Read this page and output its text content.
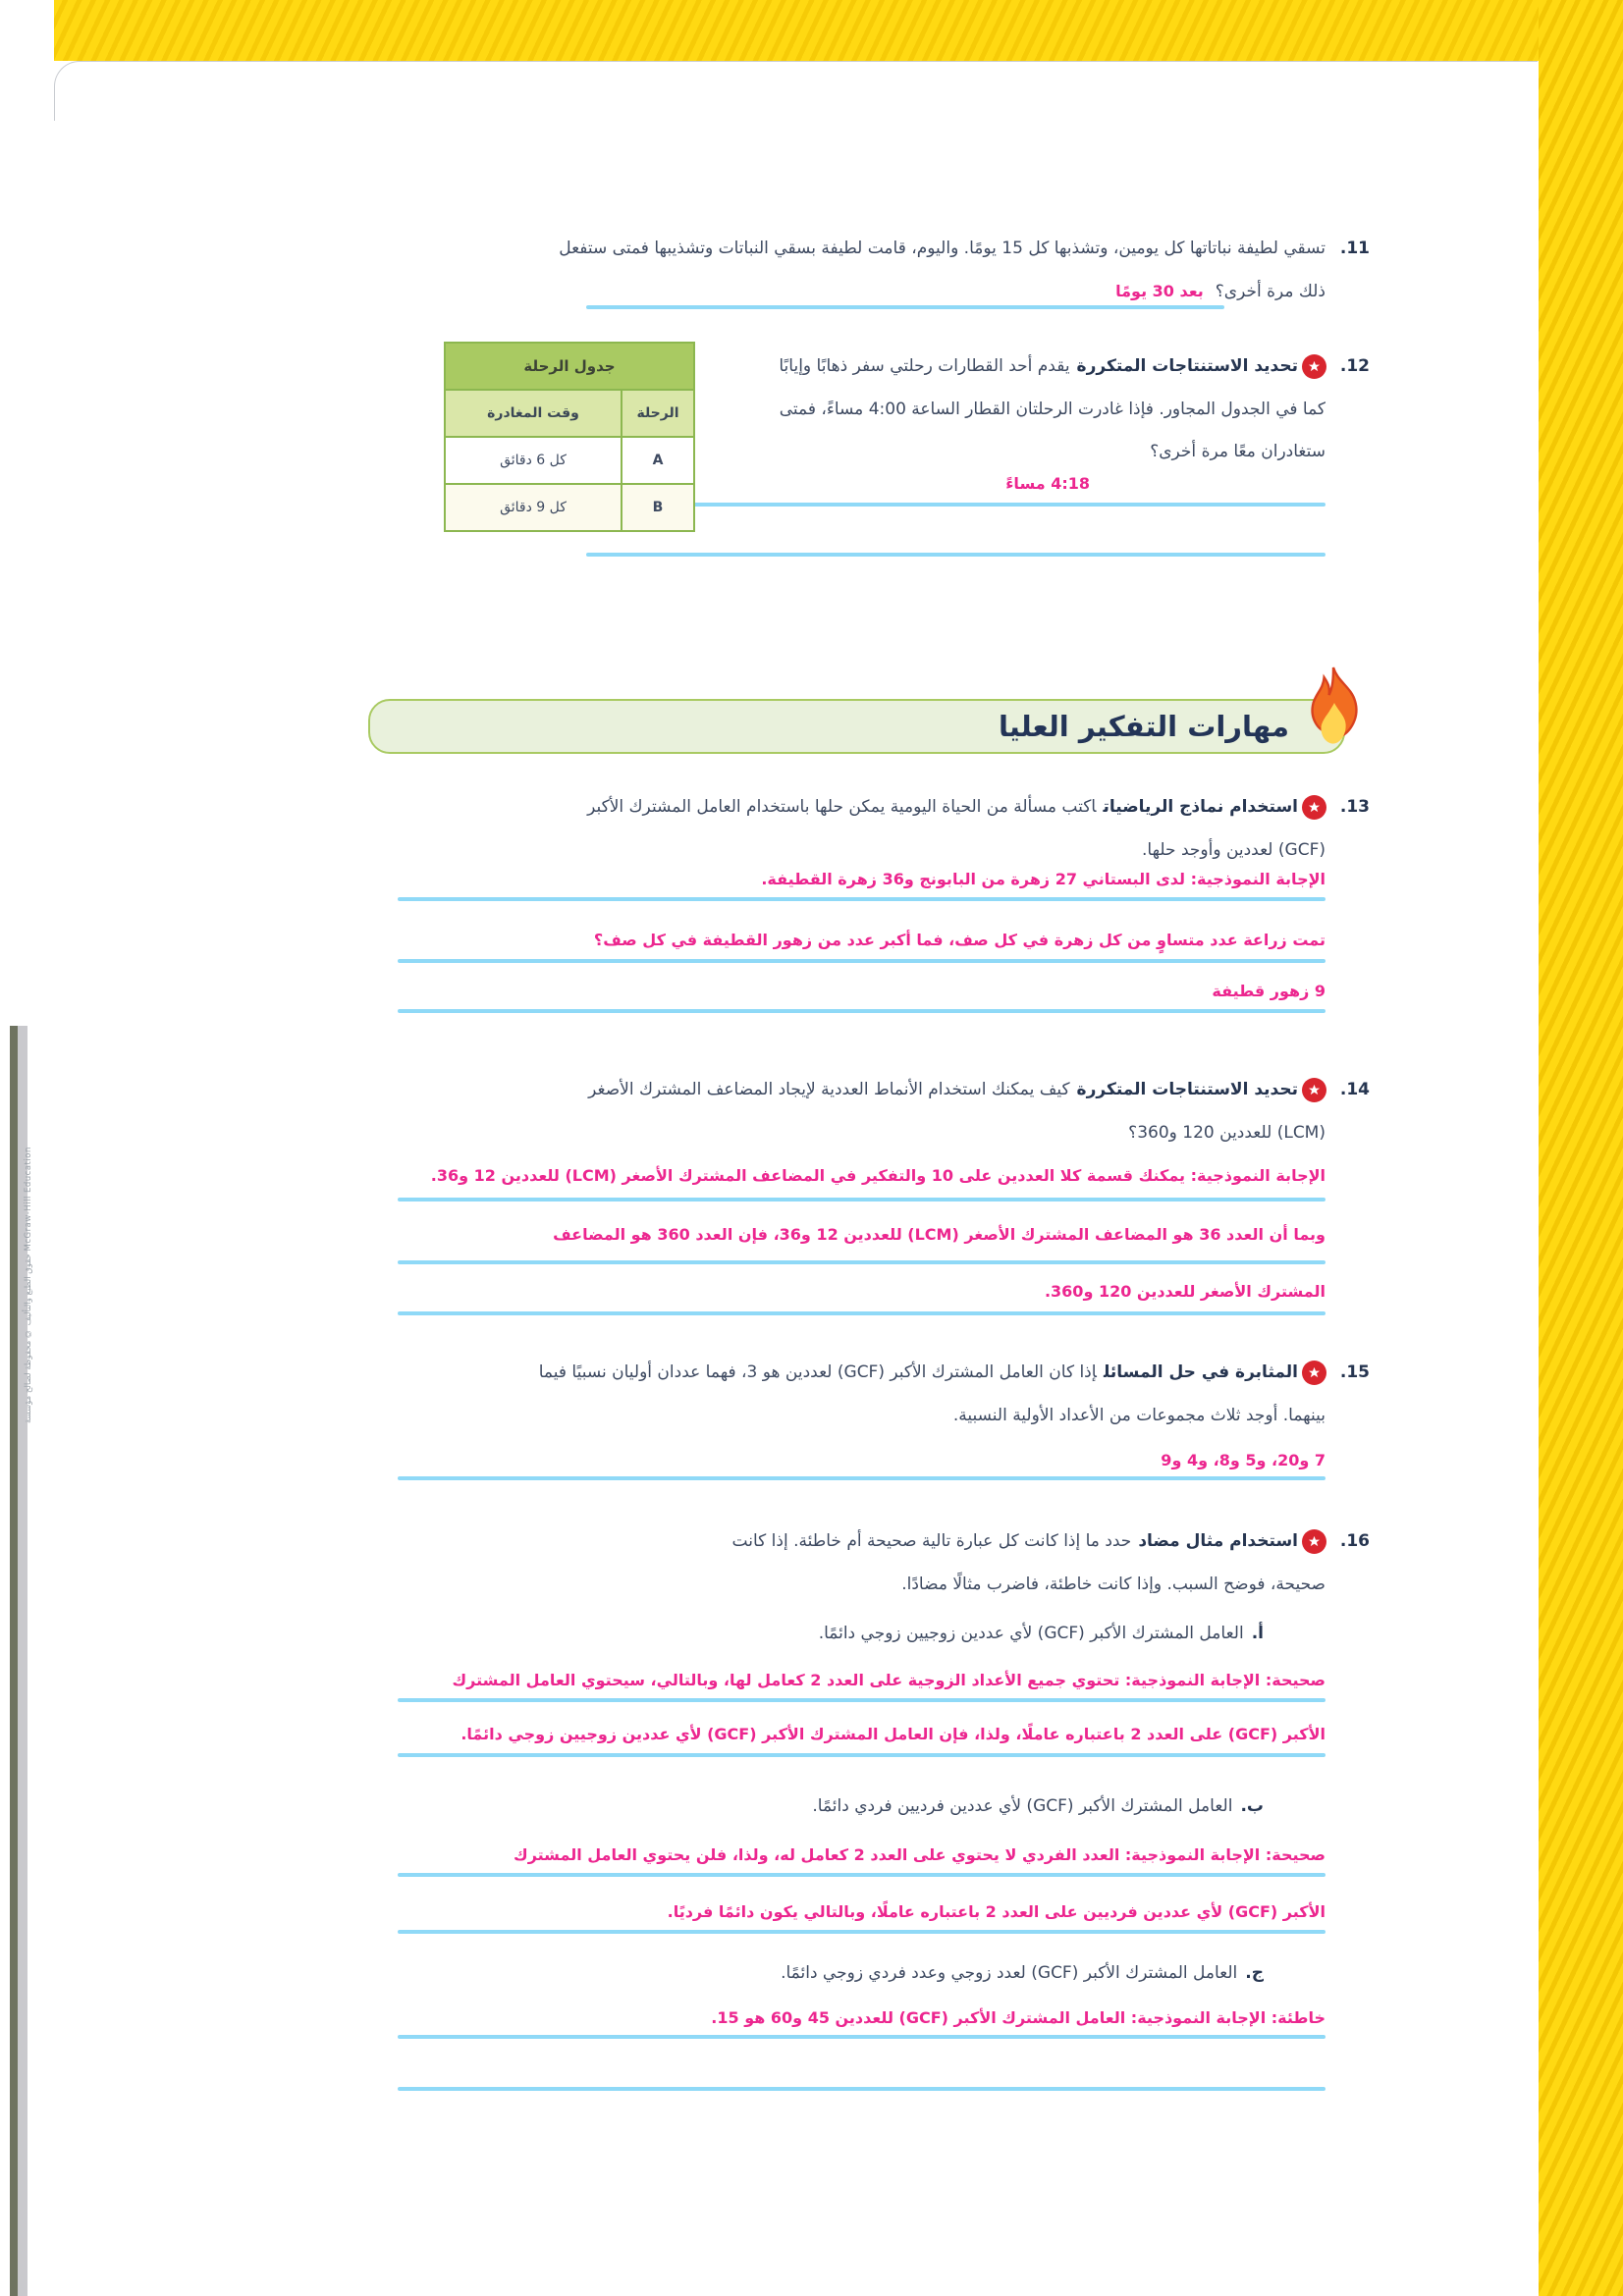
حقوق الطبع والتأليف © محفوظة لصالح مؤسسة McGraw-Hill Education
11.
تسقي لطيفة نباتاتها كل يومين، وتشذبها كل 15 يومًا. واليوم، قامت لطيفة بسقي النباتات وتشذيبها فمتى ستفعل
ذلك مرة أخرى؟بعد 30 يومًا
12.
تحديد الاستنتاجات المتكررةيقدم أحد القطارات رحلتي سفر ذهابًا وإيابًا
كما في الجدول المجاور. فإذا غادرت الرحلتان القطار الساعة 4:00 مساءً، فمتى
ستغادران معًا مرة أخرى؟
4:18 مساءً
جدول الرحلة	
الرحلة	وقت المغادرة
A	كل 6 دقائق
B	كل 9 دقائق
مهارات التفكير العليا
13.
استخدام نماذج الرياضياتاكتب مسألة من الحياة اليومية يمكن حلها باستخدام العامل المشترك الأكبر
(GCF) لعددين وأوجد حلها.
الإجابة النموذجية: لدى البستاني 27 زهرة من البابونج و36 زهرة القطيفة.
تمت زراعة عدد متساوٍ من كل زهرة في كل صف، فما أكبر عدد من زهور القطيفة في كل صف؟
9 زهور قطيفة
14.
تحديد الاستنتاجات المتكررةكيف يمكنك استخدام الأنماط العددية لإيجاد المضاعف المشترك الأصغر
(LCM) للعددين 120 و360؟
الإجابة النموذجية: يمكنك قسمة كلا العددين على 10 والتفكير في المضاعف المشترك الأصغر (LCM) للعددين 12 و36.
وبما أن العدد 36 هو المضاعف المشترك الأصغر (LCM) للعددين 12 و36، فإن العدد 360 هو المضاعف
المشترك الأصغر للعددين 120 و360.
15.
المثابرة في حل المسائلإذا كان العامل المشترك الأكبر (GCF) لعددين هو 3، فهما عددان أوليان نسبيًا فيما
بينهما. أوجد ثلاث مجموعات من الأعداد الأولية النسبية.
7 و20، و5 و8، و4 و9
16.
استخدام مثال مضادحدد ما إذا كانت كل عبارة تالية صحيحة أم خاطئة. إذا كانت
صحيحة، فوضح السبب. وإذا كانت خاطئة، فاضرب مثالًا مضادًا.
أ.العامل المشترك الأكبر (GCF) لأي عددين زوجيين زوجي دائمًا.
صحيحة: الإجابة النموذجية: تحتوي جميع الأعداد الزوجية على العدد 2 كعامل لها، وبالتالي، سيحتوي العامل المشترك
الأكبر (GCF) على العدد 2 باعتباره عاملًا، ولذا، فإن العامل المشترك الأكبر (GCF) لأي عددين زوجيين زوجي دائمًا.
ب.العامل المشترك الأكبر (GCF) لأي عددين فرديين فردي دائمًا.
صحيحة: الإجابة النموذجية: العدد الفردي لا يحتوي على العدد 2 كعامل له، ولذا، فلن يحتوي العامل المشترك
الأكبر (GCF) لأي عددين فرديين على العدد 2 باعتباره عاملًا، وبالتالي يكون دائمًا فرديًا.
ج.العامل المشترك الأكبر (GCF) لعدد زوجي وعدد فردي زوجي دائمًا.
خاطئة: الإجابة النموذجية: العامل المشترك الأكبر (GCF) للعددين 45 و60 هو 15.
